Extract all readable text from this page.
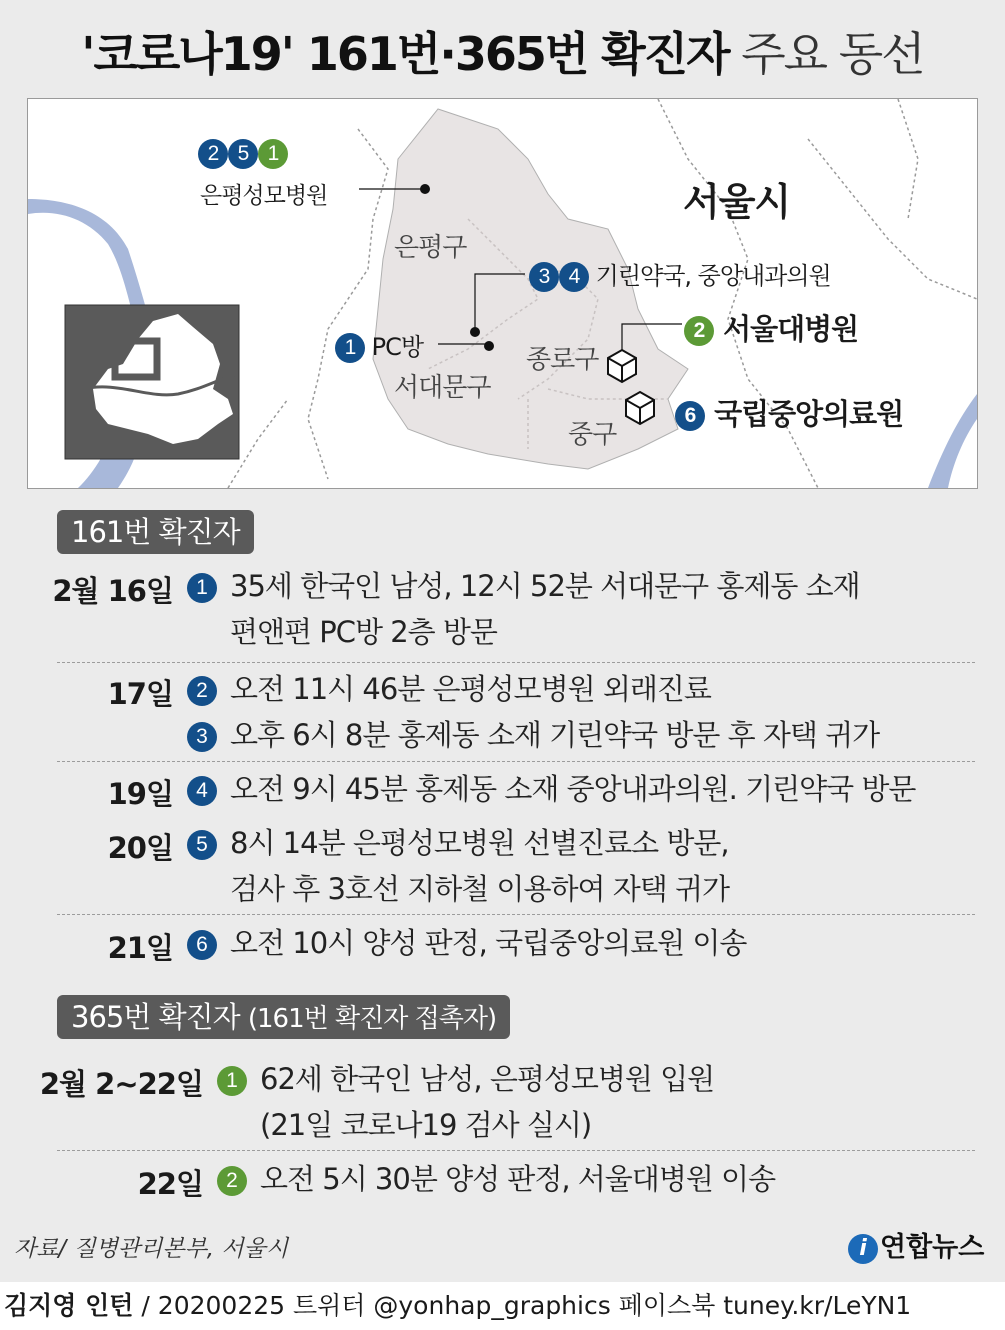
'코로나19' 161번·365번 확진자 주요 동선
서울시
은평구
서대문구
종로구
중구
2 5 1
은평성모병원
3 4 기린약국, 중앙내과의원
1 PC방
2 서울대병원
6 국립중앙의료원
161번 확진자
2월 16일	1 35세 한국인 남성, 12시 52분 서대문구 홍제동 소재
편앤편 PC방 2층 방문
17일	2 오전 11시 46분 은평성모병원 외래진료
3 오후 6시 8분 홍제동 소재 기린약국 방문 후 자택 귀가
19일	4 오전 9시 45분 홍제동 소재 중앙내과의원. 기린약국 방문
20일	5 8시 14분 은평성모병원 선별진료소 방문,
검사 후 3호선 지하철 이용하여 자택 귀가
21일	6 오전 10시 양성 판정, 국립중앙의료원 이송
365번 확진자 (161번 확진자 접촉자)
2월 2~22일	1 62세 한국인 남성, 은평성모병원 입원
(21일 코로나19 검사 실시)
22일	2 오전 5시 30분 양성 판정, 서울대병원 이송
자료/ 질병관리본부, 서울시	i 연합뉴스
김지영 인턴 / 20200225 트위터 @yonhap_graphics 페이스북 tuney.kr/LeYN1
